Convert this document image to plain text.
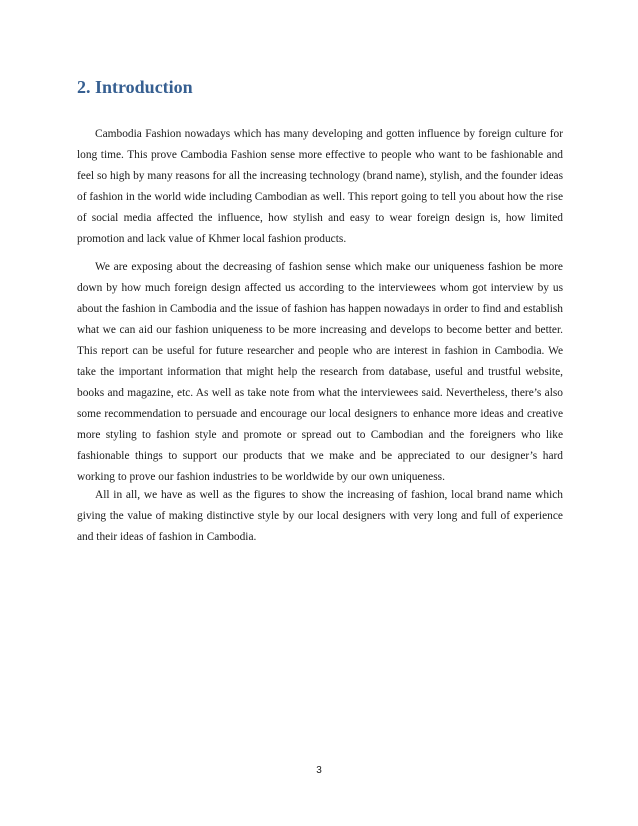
2. Introduction

Cambodia Fashion nowadays which has many developing and gotten influence by foreign culture for long time. This prove Cambodia Fashion sense more effective to people who want to be fashionable and feel so high by many reasons for all the increasing technology (brand name), stylish, and the founder ideas of fashion in the world wide including Cambodian as well. This report going to tell you about how the rise of social media affected the influence, how stylish and easy to wear foreign design is, how limited promotion and lack value of Khmer local fashion products.

We are exposing about the decreasing of fashion sense which make our uniqueness fashion be more down by how much foreign design affected us according to the interviewees whom got interview by us about the fashion in Cambodia and the issue of fashion has happen nowadays in order to find and establish what we can aid our fashion uniqueness to be more increasing and develops to become better and better. This report can be useful for future researcher and people who are interest in fashion in Cambodia. We take the important information that might help the research from database, useful and trustful website, books and magazine, etc. As well as take note from what the interviewees said. Nevertheless, there’s also some recommendation to persuade and encourage our local designers to enhance more ideas and creative more styling to fashion style and promote or spread out to Cambodian and the foreigners who like fashionable things to support our products that we make and be appreciated to our designer’s hard working to prove our fashion industries to be worldwide by our own uniqueness.

All in all, we have as well as the figures to show the increasing of fashion, local brand name which giving the value of making distinctive style by our local designers with very long and full of experience and their ideas of fashion in Cambodia.

3
